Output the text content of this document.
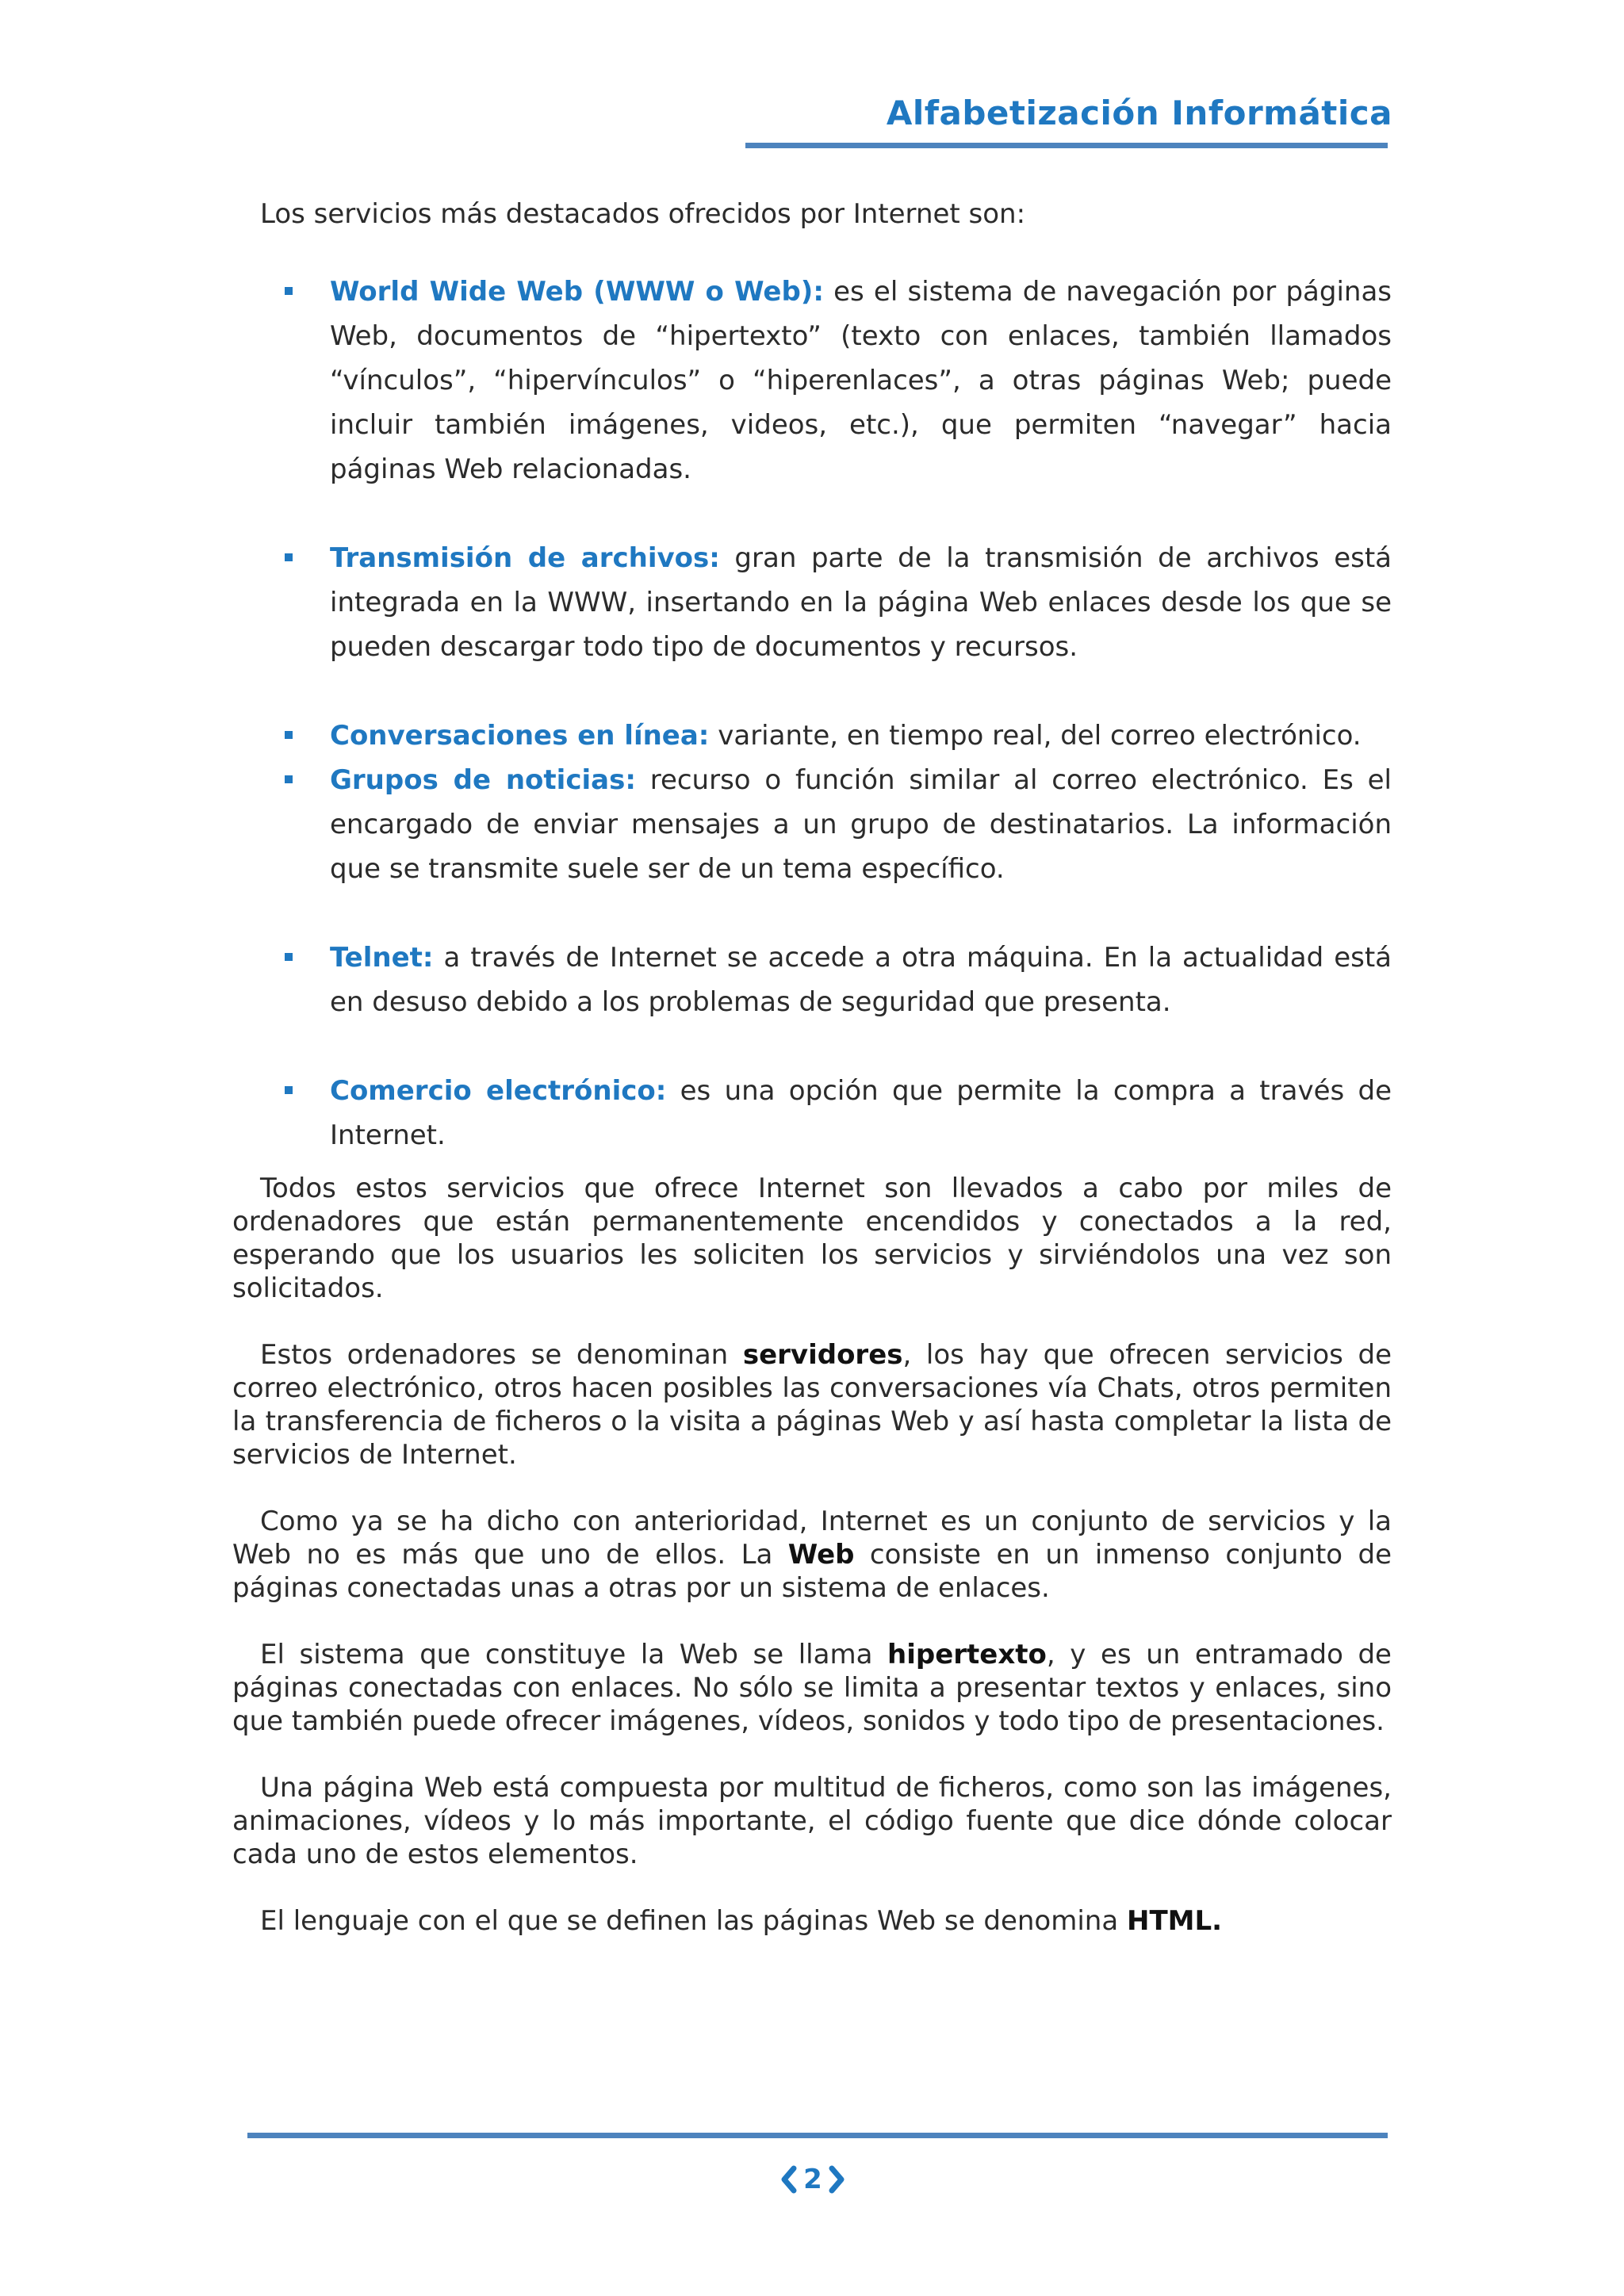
Alfabetización Informática
Los servicios más destacados ofrecidos por Internet son:
World Wide Web (WWW o Web): es el sistema de navegación por páginas Web, documentos de “hipertexto” (texto con enlaces, también llamados “vínculos”, “hipervínculos” o “hiperenlaces”, a otras páginas Web; puede incluir también imágenes, videos, etc.), que permiten “navegar” hacia páginas Web relacionadas.
Transmisión de archivos: gran parte de la transmisión de archivos está integrada en la WWW, insertando en la página Web enlaces desde los que se pueden descargar todo tipo de documentos y recursos.
Conversaciones en línea: variante, en tiempo real, del correo electrónico.
Grupos de noticias: recurso o función similar al correo electrónico. Es el encargado de enviar mensajes a un grupo de destinatarios. La información que se transmite suele ser de un tema específico.
Telnet: a través de Internet se accede a otra máquina. En la actualidad está en desuso debido a los problemas de seguridad que presenta.
Comercio electrónico: es una opción que permite la compra a través de Internet.

Todos estos servicios que ofrece Internet son llevados a cabo por miles de ordenadores que están permanentemente encendidos y conectados a la red, esperando que los usuarios les soliciten los servicios y sirviéndolos una vez son solicitados.

Estos ordenadores se denominan servidores, los hay que ofrecen servicios de correo electrónico, otros hacen posibles las conversaciones vía Chats, otros permiten la transferencia de ficheros o la visita a páginas Web y así hasta completar la lista de servicios de Internet.

Como ya se ha dicho con anterioridad, Internet es un conjunto de servicios y la Web no es más que uno de ellos. La Web consiste en un inmenso conjunto de páginas conectadas unas a otras por un sistema de enlaces.

El sistema que constituye la Web se llama hipertexto, y es un entramado de páginas conectadas con enlaces. No sólo se limita a presentar textos y enlaces, sino que también puede ofrecer imágenes, vídeos, sonidos y todo tipo de presentaciones.

Una página Web está compuesta por multitud de ficheros, como son las imágenes, animaciones, vídeos y lo más importante, el código fuente que dice dónde colocar cada uno de estos elementos.

El lenguaje con el que se definen las páginas Web se denomina HTML.

2
